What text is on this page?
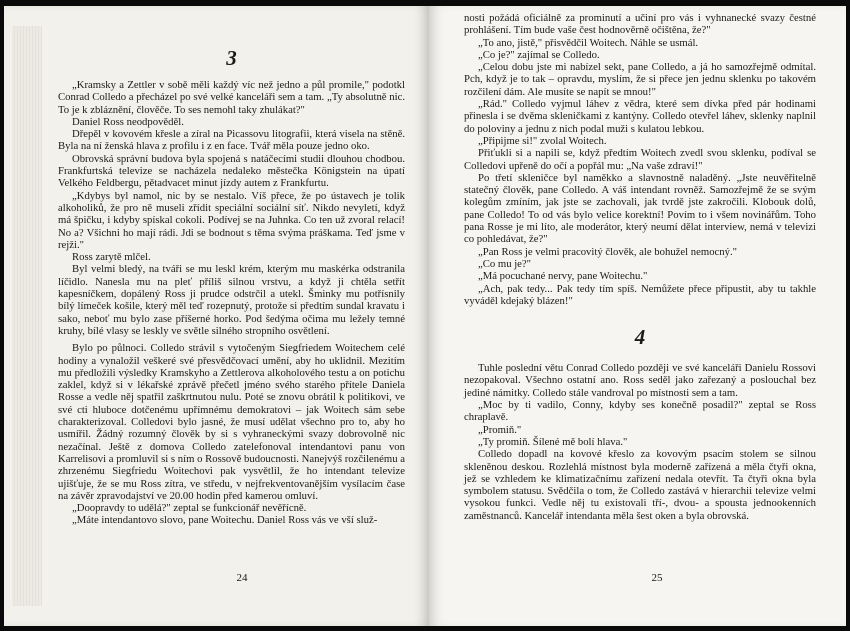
3

„Kramsky a Zettler v sobě měli každý víc než jedno a půl promile," podotkl Conrad Colledo a přecházel po své velké kanceláři sem a tam. „Ty absolutně nic. To je k zbláznění, člověče. To ses nemohl taky zhulákat?"

Daniel Ross neodpověděl.

Dřepěl v kovovém křesle a zíral na Picassovu litografii, která visela na stěně. Byla na ní ženská hlava z profilu i z en face. Tvář měla pouze jedno oko.

Obrovská správní budova byla spojená s natáčecími studii dlouhou chodbou. Frankfurtská televize se nacházela nedaleko městečka Königstein na úpatí Velkého Feldbergu, pětadvacet minut jízdy autem z Frankfurtu.

„Kdybys byl namol, nic by se nestalo. Víš přece, že po ústavech je tolik alkoholiků, že pro ně museli zřídit speciální sociální síť. Nikdo nevyletí, když má špičku, i kdyby spískal cokoli. Podívej se na Juhnka. Co ten už zvoral relací! No a? Všichni ho mají rádi. Jdi se bodnout s těma svýma práškama. Teď jsme v rejži."

Ross zarytě mlčel.

Byl velmi bledý, na tváři se mu leskl krém, kterým mu maskérka odstranila líčidlo. Nanesla mu na pleť příliš silnou vrstvu, a když ji chtěla setřít kapesníčkem, dopálený Ross ji prudce odstrčil a utekl. Šminky mu potřísnily bílý límeček košile, který měl teď rozepnutý, protože si předtím sundal kravatu i sako, neboť mu bylo zase příšerné horko. Pod šedýma očima mu ležely temné kruhy, bílé vlasy se leskly ve světle silného stropního osvětlení.

Bylo po půlnoci. Colledo strávil s vytočeným Siegfriedem Woitechem celé hodiny a vynaložil veškeré své přesvědčovací umění, aby ho uklidnil. Mezitím mu předložili výsledky Kramskyho a Zettlerova alkoholového testu a on potichu zaklel, když si v lékařské zprávě přečetl jméno svého starého přítele Daniela Rosse a vedle něj spatřil zaškrtnutou nulu. Poté se znovu obrátil k politikovi, ve své cti hluboce dotčenému upřímnému demokratovi – jak Woitech sám sebe charakterizoval. Colledovi bylo jasné, že musí udělat všechno pro to, aby ho usmířil. Žádný rozumný člověk by si s vyhraneckými svazy dobrovolně nic nezačínal. Ještě z domova Colledo zatelefonoval intendantovi panu von Karrelisovi a promluvil si s ním o Rossově budoucnosti. Nanejvýš rozčilenému a zhrzenému Siegfriedu Woitechovi pak vysvětlil, že ho intendant televize ujišťuje, že se mu Ross zítra, ve středu, v nejfrekventovanějším vysílacím čase na závěr zpravodajství ve 20.00 hodin před kamerou omluví.

„Doopravdy to udělá?" zeptal se funkcionář nevěřícně.

„Máte intendantovo slovo, pane Woitechu. Daniel Ross vás ve vší služ-

24

nosti požádá oficiálně za prominutí a učiní pro vás i vyhnanecké svazy čestné prohlášení. Tím bude vaše čest hodnověrně očištěna, že?"

„To ano, jistě," přisvědčil Woitech. Náhle se usmál.

„Co je?" zajímal se Colledo.

„Celou dobu jste mi nabízel sekt, pane Colledo, a já ho samozřejmě odmítal. Pch, když je to tak – opravdu, myslím, že si přece jen jednu sklenku po takovém rozčilení dám. Ale musíte se napít se mnou!"

„Rád." Colledo vyjmul láhev z vědra, které sem dívka před pár hodinami přinesla i se dvěma skleničkami z kantýny. Colledo otevřel láhev, sklenky naplnil do poloviny a jednu z nich podal muži s kulatou lebkou.

„Připijme si!" zvolal Woitech.

Přiťukli si a napili se, když předtím Woitech zvedl svou sklenku, podíval se Colledovi upřeně do očí a popřál mu: „Na vaše zdraví!"

Po třetí skleničce byl naměkko a slavnostně naladěný. „Jste neuvěřitelně statečný člověk, pane Colledo. A váš intendant rovněž. Samozřejmě že se svým kolegům zmíním, jak jste se zachovali, jak tvrdě jste zakročili. Klobouk dolů, pane Colledo! To od vás bylo velice korektní! Povím to i všem novinářům. Toho pana Rosse je mi líto, ale moderátor, který neumí dělat interview, nemá v televizi co pohledávat, že?"

„Pan Ross je velmi pracovitý člověk, ale bohužel nemocný."

„Co mu je?"

„Má pocuchané nervy, pane Woitechu."

„Ach, pak tedy... Pak tedy tím spíš. Nemůžete přece připustit, aby tu takhle vyváděl kdejaký blázen!"

4

Tuhle poslední větu Conrad Colledo později ve své kanceláři Danielu Rossovi nezopakoval. Všechno ostatní ano. Ross seděl jako zařezaný a poslouchal bez jediné námitky. Colledo stále vandroval po místnosti sem a tam.

„Moc by ti vadilo, Conny, kdyby ses konečně posadil?" zeptal se Ross chraplavě.

„Promiň."

„Ty promiň. Šílené mě bolí hlava."

Colledo dopadl na kovové křeslo za kovovým psacím stolem se silnou skleněnou deskou. Rozlehlá místnost byla moderně zařízená a měla čtyři okna, jež se vzhledem ke klimatizačnímu zařízení nedala otevřít. Ta čtyři okna byla symbolem statusu. Svědčila o tom, že Colledo zastává v hierarchii televize velmi vysokou funkci. Vedle něj tu existovali tří-, dvou- a spousta jednookenních zaměstnanců. Kancelář intendanta měla šest oken a byla obrovská.

25
